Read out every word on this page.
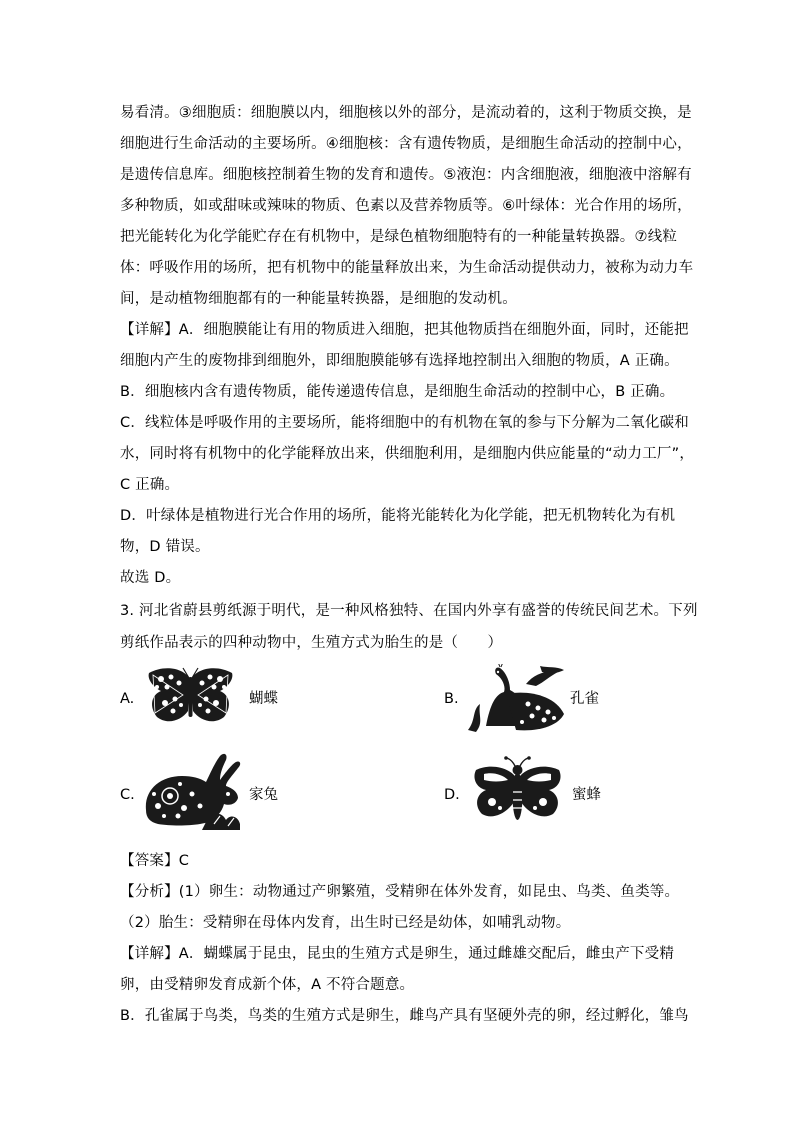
易看清。③细胞质：细胞膜以内，细胞核以外的部分，是流动着的，这利于物质交换，是
细胞进行生命活动的主要场所。④细胞核：含有遗传物质，是细胞生命活动的控制中心，
是遗传信息库。细胞核控制着生物的发育和遗传。⑤液泡：内含细胞液，细胞液中溶解有
多种物质，如或甜味或辣味的物质、色素以及营养物质等。⑥叶绿体：光合作用的场所，
把光能转化为化学能贮存在有机物中，是绿色植物细胞特有的一种能量转换器。⑦线粒
体：呼吸作用的场所，把有机物中的能量释放出来，为生命活动提供动力，被称为动力车
间，是动植物细胞都有的一种能量转换器，是细胞的发动机。
【详解】A．细胞膜能让有用的物质进入细胞，把其他物质挡在细胞外面，同时，还能把
细胞内产生的废物排到细胞外，即细胞膜能够有选择地控制出入细胞的物质，A 正确。
B．细胞核内含有遗传物质，能传递遗传信息，是细胞生命活动的控制中心，B 正确。
C．线粒体是呼吸作用的主要场所，能将细胞中的有机物在氧的参与下分解为二氧化碳和
水，同时将有机物中的化学能释放出来，供细胞利用，是细胞内供应能量的“动力工厂”，
C 正确。
D．叶绿体是植物进行光合作用的场所，能将光能转化为化学能，把无机物转化为有机
物，D 错误。
故选 D。
3. 河北省蔚县剪纸源于明代，是一种风格独特、在国内外享有盛誉的传统民间艺术。下列
剪纸作品表示的四种动物中，生殖方式为胎生的是（　　）
A.	蝴蝶	B.	孔雀
C.	家兔	D.	蜜蜂
【答案】C
【分析】(1）卵生：动物通过产卵繁殖，受精卵在体外发育，如昆虫、鸟类、鱼类等。
（2）胎生：受精卵在母体内发育，出生时已经是幼体，如哺乳动物。
【详解】A．蝴蝶属于昆虫，昆虫的生殖方式是卵生，通过雌雄交配后，雌虫产下受精
卵，由受精卵发育成新个体，A 不符合题意。
B．孔雀属于鸟类，鸟类的生殖方式是卵生，雌鸟产具有坚硬外壳的卵，经过孵化，雏鸟
